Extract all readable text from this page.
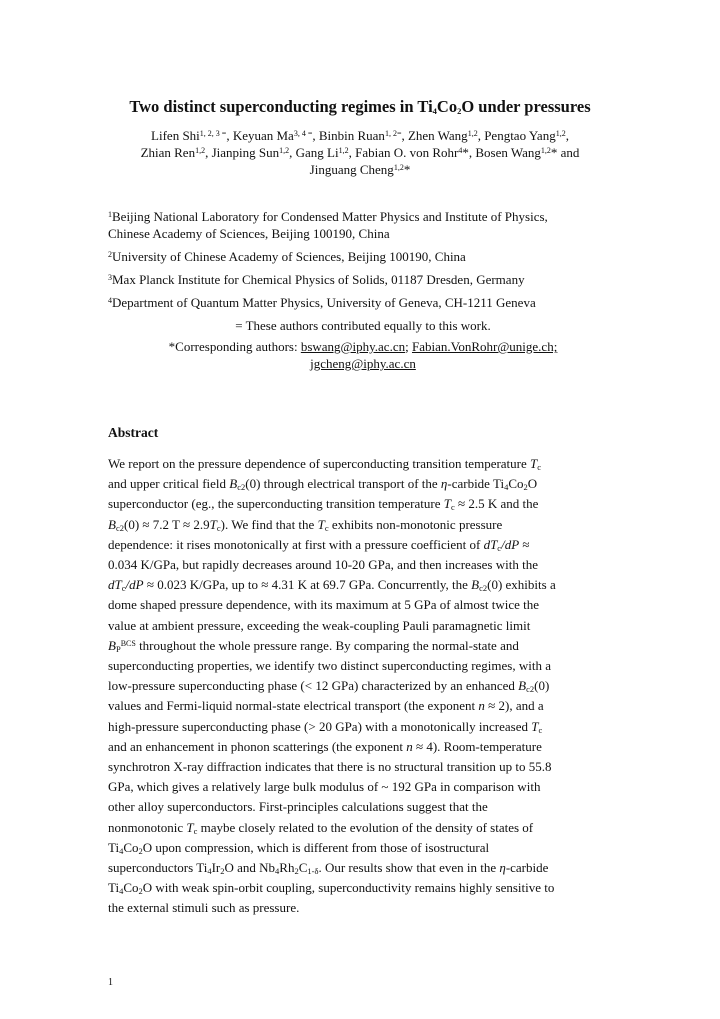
Two distinct superconducting regimes in $Ti_4Co_2O$ under pressures
Lifen Shi$^{1, 2, 3 =}$, Keyuan $Ma^{3, 4 =}$, Binbin Ruan$^{1, 2=}$, Zhen Wang$^{1,2}$, Pengtao Yang$^{1,2}$,
Zhian Ren$^{1,2}$, Jianping Sun$^{1,2}$, Gang Li$^{1,2}$, Fabian O. von Rohr$^4$*, Bosen Wang$^{1,2}$* and
Jinguang Cheng$^{1,2}$*

$^1$Beijing National Laboratory for Condensed Matter Physics and Institute of Physics,
Chinese Academy of Sciences, Beijing 100190, China

$^2$University of Chinese Academy of Sciences, Beijing 100190, China

$^3$Max Planck Institute for Chemical Physics of Solids, 01187 Dresden, Germany

$^4$Department of Quantum Matter Physics, University of Geneva, CH-1211 Geneva

= These authors contributed equally to this work.

*Corresponding authors: bswang@iphy.ac.cn; Fabian.VonRohr@unige.ch;
jgcheng@iphy.ac.cn

Abstract
We report on the pressure dependence of superconducting transition temperature $T_c$
and upper critical field $B_{c2}(0)$ through electrical transport of the η-carbide $Ti_4Co_2O$
superconductor (eg., the superconducting transition temperature $T_c \approx 2.5$ K and the
$B_{c2}(0) \approx 7.2$ $T \approx 2.9T_c$). We find that the $T_c$ exhibits non-monotonic pressure
dependence: it rises monotonically at first with a pressure coefficient of $dT_c/dP$ ≈
0.034 K/GPa, but rapidly decreases around 10-20 GPa, and then increases with the
$dT_c/dP \approx 0.023$ K/GPa, up to ≈ 4.31 K at 69.7 GPa. Concurrently, the $B_{c2}(0)$ exhibits a
dome shaped pressure dependence, with its maximum at 5 GPa of almost twice the
value at ambient pressure, exceeding the weak-coupling Pauli paramagnetic limit
$B_P^{BCS}$ throughout the whole pressure range. By comparing the normal-state and
superconducting properties, we identify two distinct superconducting regimes, with a
low-pressure superconducting phase (< 12 GPa) characterized by an enhanced $B_{c2}(0)$
values and Fermi-liquid normal-state electrical transport (the exponent n ≈ 2), and a
high-pressure superconducting phase (> 20 GPa) with a monotonically increased $T_c$
and an enhancement in phonon scatterings (the exponent n ≈ 4). Room-temperature
synchrotron X-ray diffraction indicates that there is no structural transition up to 55.8
GPa, which gives a relatively large bulk modulus of ~ 192 GPa in comparison with
other alloy superconductors. First-principles calculations suggest that the
nonmonotonic $T_c$ maybe closely related to the evolution of the density of states of
$Ti_4Co_2O$ upon compression, which is different from those of isostructural
superconductors $Ti_4Ir_2O$ and $Nb_4Rh_2C_{1-\delta}$. Our results show that even in the η-carbide
$Ti_4Co_2O$ with weak spin-orbit coupling, superconductivity remains highly sensitive to
the external stimuli such as pressure.
1
